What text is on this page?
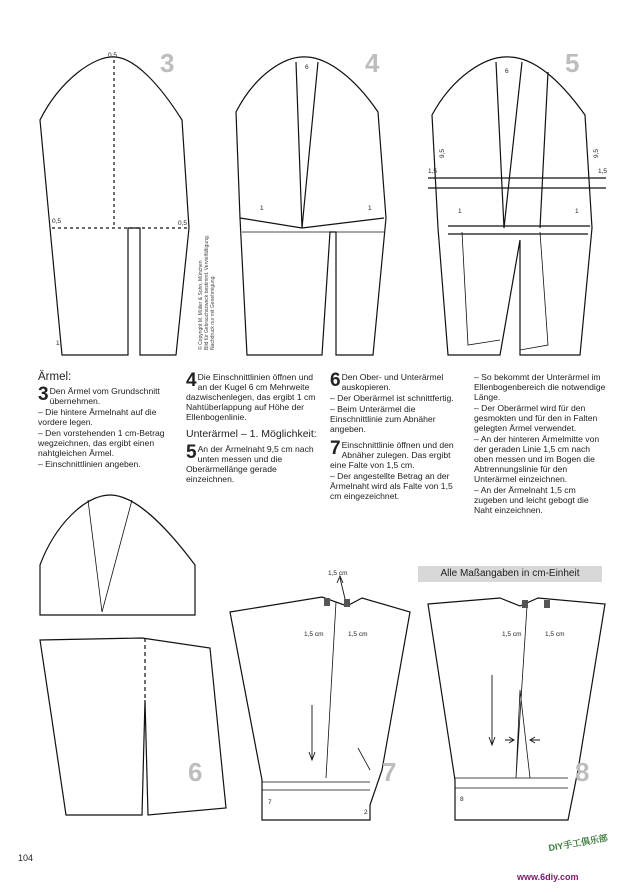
3	4	5
6	7	8
0,5
0,5	0,5
1
6
1	1
6
9,5	9,5
1,5	1,5
1	1
1,5 cm
1,5 cm	1,5 cm
7
2
1,5 cm	1,5 cm
8
© Copyright M. Müller & Sohn, München Bild für Gebrauchszweck bestimmt. Vervielfältigung, Nachdruck nur mit Genehmigung.
Ärmel:

3 Den Ärmel vom Grundschnitt übernehmen.

– Die hintere Ärmelnaht auf die vordere legen.

– Den vorstehenden 1 cm-Betrag wegzeichnen, das ergibt einen nahtgleichen Ärmel.

– Einschnittlinien angeben.

4 Die Einschnittlinien öffnen und an der Kugel 6 cm Mehrweite dazwischenlegen, das ergibt 1 cm Nahtüberlappung auf Höhe der Ellenbogenlinie.

Unterärmel – 1. Möglichkeit:

5 An der Ärmelnaht 9,5 cm nach unten messen und die Oberärmellänge gerade einzeichnen.

6 Den Ober- und Unterärmel auskopieren.

– Der Oberärmel ist schnittfertig.

– Beim Unterärmel die Einschnittlinie zum Abnäher angeben.

7 Einschnittlinie öffnen und den Abnäher zulegen. Das ergibt eine Falte von 1,5 cm.

– Der angestellte Betrag an der Ärmelnaht wird als Falte von 1,5 cm eingezeichnet.

– So bekommt der Unterärmel im Ellenbogenbereich die notwendige Länge.

– Der Oberärmel wird für den gesmokten und für den in Falten gelegten Ärmel verwendet.

– An der hinteren Ärmelmitte von der geraden Linie 1,5 cm nach oben messen und im Bogen die Abtrennungslinie für den Unterärmel einzeichnen.

– An der Ärmelnaht 1,5 cm zugeben und leicht gebogt die Naht einzeichnen.

Alle Maßangaben in cm-Einheit
104
DIY手工俱乐部
www.6diy.com
